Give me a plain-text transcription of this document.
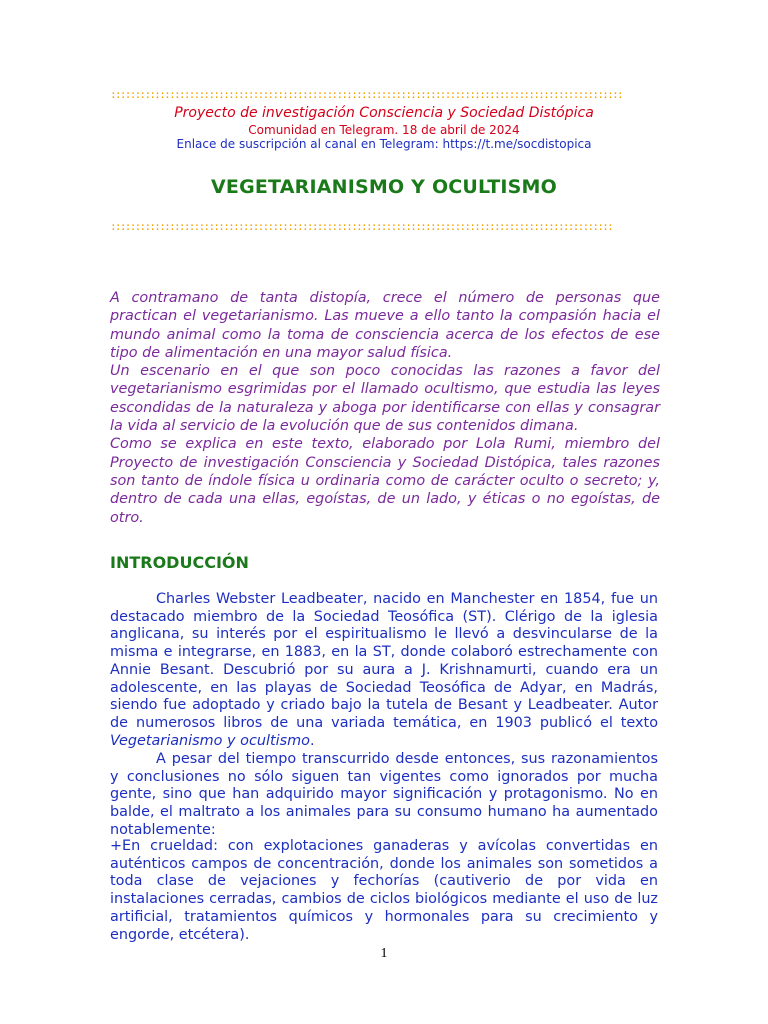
::::::::::::::::::::::::::::::::::::::::::::::::::::::::::::::::::::::::::::::::::::::::::::::::::::::::
Proyecto de investigación Consciencia y Sociedad Distópica
Comunidad en Telegram. 18 de abril de 2024
Enlace de suscripción al canal en Telegram: https://t.me/socdistopica
VEGETARIANISMO Y OCULTISMO
::::::::::::::::::::::::::::::::::::::::::::::::::::::::::::::::::::::::::::::::::::::::::::::::::::::

A contramano de tanta distopía, crece el número de personas que practican el vegetarianismo. Las mueve a ello tanto la compasión hacia el mundo animal como la toma de consciencia acerca de los efectos de ese tipo de alimentación en una mayor salud física.

Un escenario en el que son poco conocidas las razones a favor del vegetarianismo esgrimidas por el llamado ocultismo, que estudia las leyes escondidas de la naturaleza y aboga por identificarse con ellas y consagrar la vida al servicio de la evolución que de sus contenidos dimana.

Como se explica en este texto, elaborado por Lola Rumi, miembro del Proyecto de investigación Consciencia y Sociedad Distópica, tales razones son tanto de índole física u ordinaria como de carácter oculto o secreto; y, dentro de cada una ellas, egoístas, de un lado, y éticas o no egoístas, de otro.

INTRODUCCIÓN

Charles Webster Leadbeater, nacido en Manchester en 1854, fue un destacado miembro de la Sociedad Teosófica (ST). Clérigo de la iglesia anglicana, su interés por el espiritualismo le llevó a desvincularse de la misma e integrarse, en 1883, en la ST, donde colaboró estrechamente con Annie Besant. Descubrió por su aura a J. Krishnamurti, cuando era un adolescente, en las playas de Sociedad Teosófica de Adyar, en Madrás, siendo fue adoptado y criado bajo la tutela de Besant y Leadbeater. Autor de numerosos libros de una variada temática, en 1903 publicó el texto Vegetarianismo y ocultismo.

A pesar del tiempo transcurrido desde entonces, sus razonamientos y conclusiones no sólo siguen tan vigentes como ignorados por mucha gente, sino que han adquirido mayor significación y protagonismo. No en balde, el maltrato a los animales para su consumo humano ha aumentado notablemente:

+En crueldad: con explotaciones ganaderas y avícolas convertidas en auténticos campos de concentración, donde los animales son sometidos a toda clase de vejaciones y fechorías (cautiverio de por vida en instalaciones cerradas, cambios de ciclos biológicos mediante el uso de luz artificial, tratamientos químicos y hormonales para su crecimiento y engorde, etcétera).

1
